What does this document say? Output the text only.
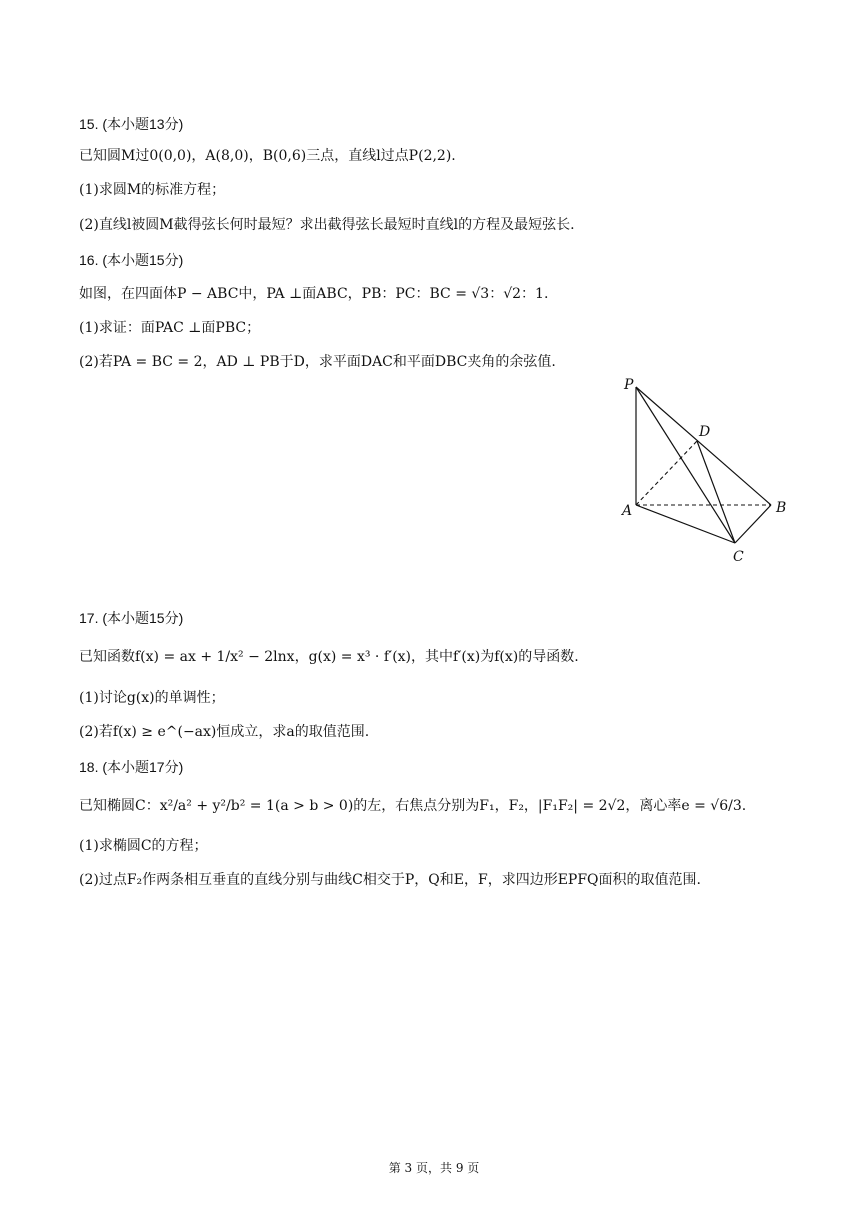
15. (本小题13分)
已知圆M过0(0,0)，A(8,0)，B(0,6)三点，直线l过点P(2,2).
(1)求圆M的标准方程；
(2)直线l被圆M截得弦长何时最短？求出截得弦长最短时直线l的方程及最短弦长.
16. (本小题15分)
如图，在四面体P − ABC中，PA ⊥面ABC，PB：PC：BC = √3：√2：1.
(1)求证：面PAC ⊥面PBC；
(2)若PA = BC = 2，AD ⊥ PB于D，求平面DAC和平面DBC夹角的余弦值.
P
D
A	B
C
17. (本小题15分)
已知函数f(x) = ax + 1/x² − 2lnx，g(x) = x³ · f′(x)，其中f′(x)为f(x)的导函数.
(1)讨论g(x)的单调性；
(2)若f(x) ≥ e^(−ax)恒成立，求a的取值范围.
18. (本小题17分)
已知椭圆C：x²/a² + y²/b² = 1(a > b > 0)的左，右焦点分别为F₁，F₂，|F₁F₂| = 2√2，离心率e = √6/3.
(1)求椭圆C的方程；
(2)过点F₂作两条相互垂直的直线分别与曲线C相交于P，Q和E，F，求四边形EPFQ面积的取值范围.
第 3 页，共 9 页
